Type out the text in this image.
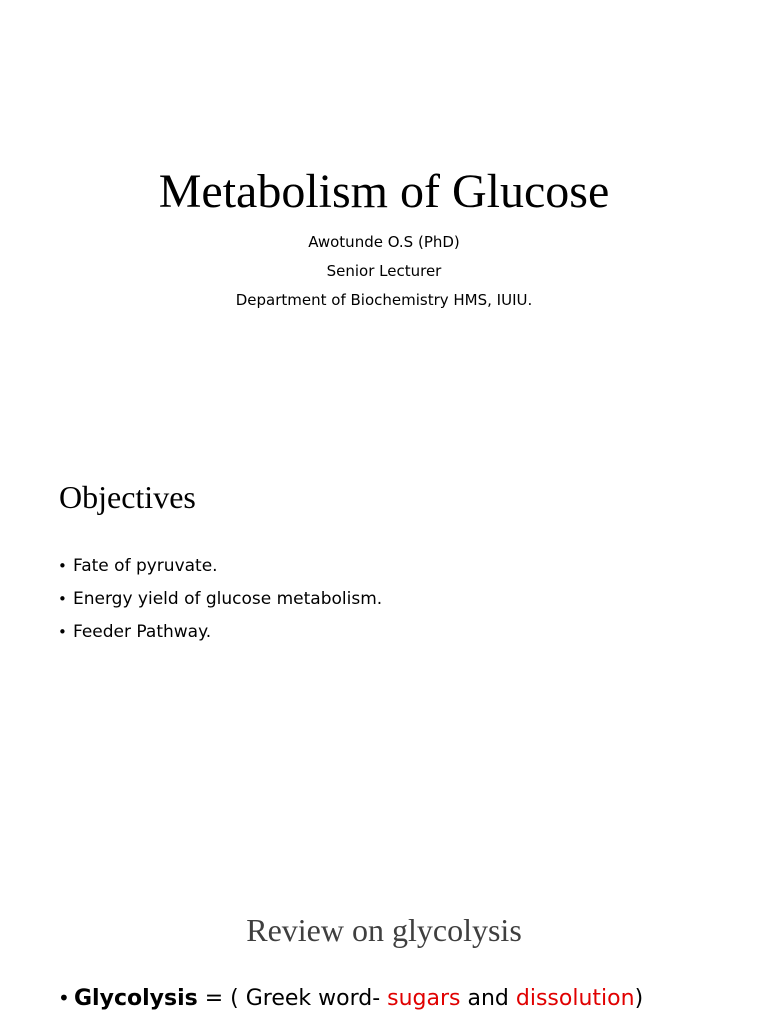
Metabolism of Glucose
Awotunde O.S (PhD)
Senior Lecturer
Department of Biochemistry HMS, IUIU.
Objectives
• Fate of pyruvate.
• Energy yield of glucose metabolism.
• Feeder Pathway.
Review on glycolysis
• Glycolysis = ( Greek word- sugars and dissolution)
